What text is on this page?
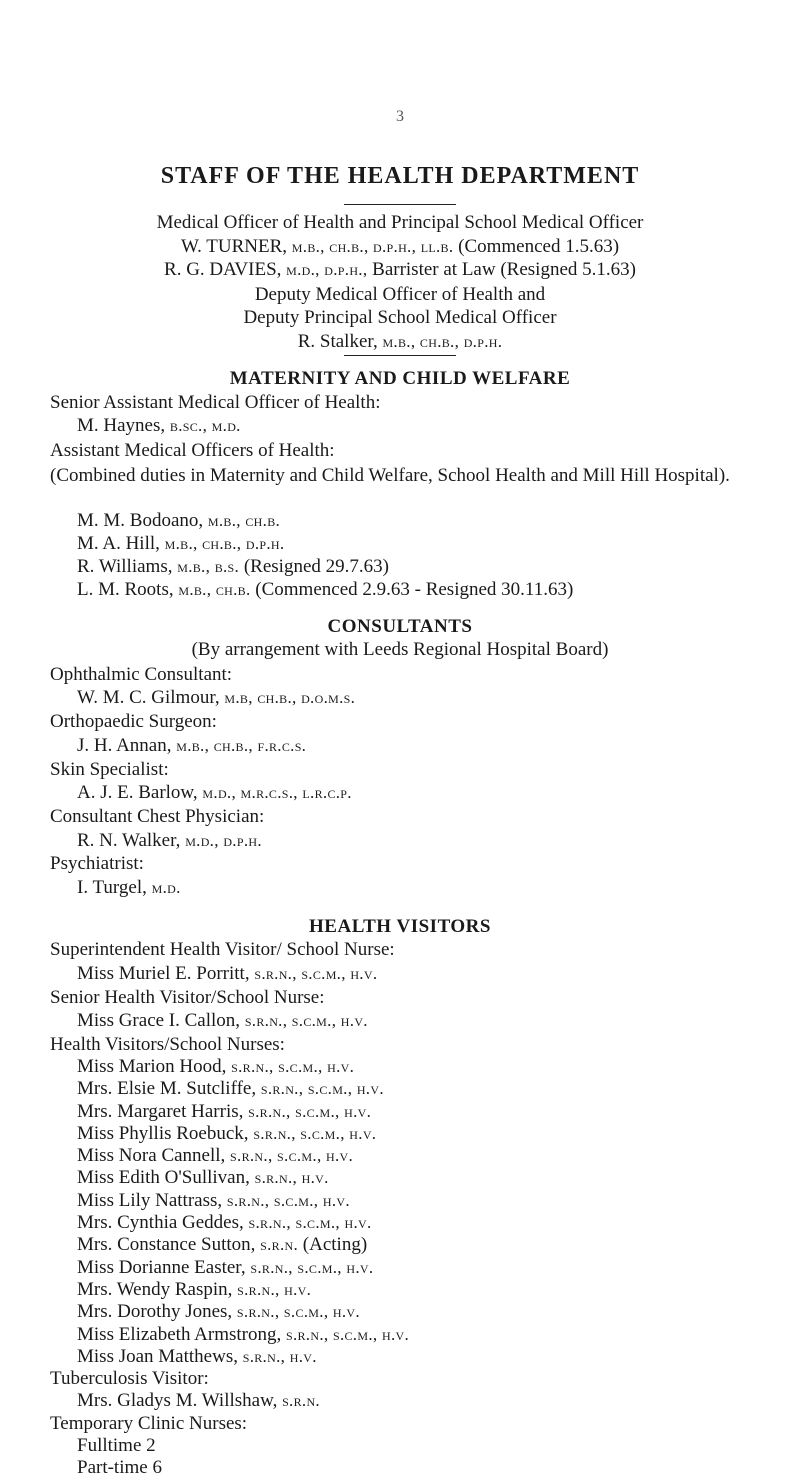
3
STAFF OF THE HEALTH DEPARTMENT
Medical Officer of Health and Principal School Medical Officer
W. TURNER, m.b., ch.b., d.p.h., ll.b. (Commenced 1.5.63)
R. G. DAVIES, m.d., d.p.h., Barrister at Law (Resigned 5.1.63)
Deputy Medical Officer of Health and
Deputy Principal School Medical Officer
R. Stalker, m.b., ch.b., d.p.h.
MATERNITY AND CHILD WELFARE
Senior Assistant Medical Officer of Health:
M. Haynes, b.sc., m.d.
Assistant Medical Officers of Health:
(Combined duties in Maternity and Child Welfare, School Health and Mill Hill Hospital).
M. M. Bodoano, m.b., ch.b.
M. A. Hill, m.b., ch.b., d.p.h.
R. Williams, m.b., b.s. (Resigned 29.7.63)
L. M. Roots, m.b., ch.b. (Commenced 2.9.63 - Resigned 30.11.63)
CONSULTANTS
(By arrangement with Leeds Regional Hospital Board)
Ophthalmic Consultant:
W. M. C. Gilmour, m.b, ch.b., d.o.m.s.
Orthopaedic Surgeon:
J. H. Annan, m.b., ch.b., f.r.c.s.
Skin Specialist:
A. J. E. Barlow, m.d., m.r.c.s., l.r.c.p.
Consultant Chest Physician:
R. N. Walker, m.d., d.p.h.
Psychiatrist:
I. Turgel, m.d.
HEALTH VISITORS
Superintendent Health Visitor/ School Nurse:
Miss Muriel E. Porritt, s.r.n., s.c.m., h.v.
Senior Health Visitor/School Nurse:
Miss Grace I. Callon, s.r.n., s.c.m., h.v.
Health Visitors/School Nurses:
Miss Marion Hood, s.r.n., s.c.m., h.v.
Mrs. Elsie M. Sutcliffe, s.r.n., s.c.m., h.v.
Mrs. Margaret Harris, s.r.n., s.c.m., h.v.
Miss Phyllis Roebuck, s.r.n., s.c.m., h.v.
Miss Nora Cannell, s.r.n., s.c.m., h.v.
Miss Edith O'Sullivan, s.r.n., h.v.
Miss Lily Nattrass, s.r.n., s.c.m., h.v.
Mrs. Cynthia Geddes, s.r.n., s.c.m., h.v.
Mrs. Constance Sutton, s.r.n. (Acting)
Miss Dorianne Easter, s.r.n., s.c.m., h.v.
Mrs. Wendy Raspin, s.r.n., h.v.
Mrs. Dorothy Jones, s.r.n., s.c.m., h.v.
Miss Elizabeth Armstrong, s.r.n., s.c.m., h.v.
Miss Joan Matthews, s.r.n., h.v.
Tuberculosis Visitor:
Mrs. Gladys M. Willshaw, s.r.n.
Temporary Clinic Nurses:
Fulltime 2
Part-time 6
